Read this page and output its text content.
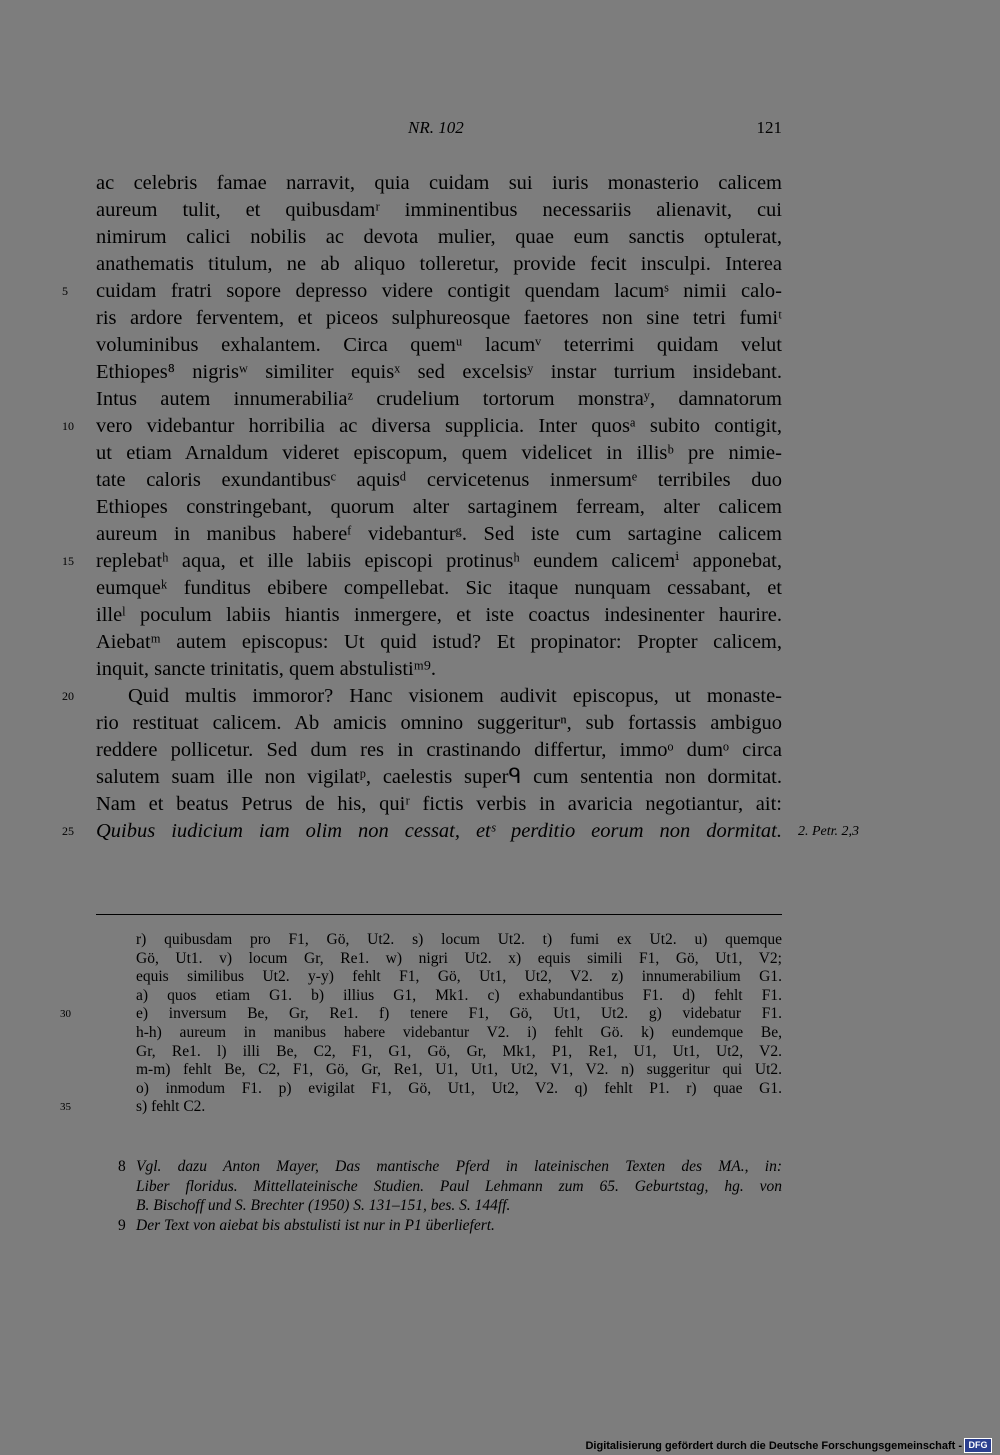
NR. 102	121
ac celebris famae narravit, quia cuidam sui iuris monasterio calicem
aureum tulit, et quibusdamʳ imminentibus necessariis alienavit, cui
nimirum calici nobilis ac devota mulier, quae eum sanctis optulerat,
anathematis titulum, ne ab aliquo tolleretur, provide fecit insculpi. Interea
5	cuidam fratri sopore depresso videre contigit quendam lacumˢ nimii calo-
ris ardore ferventem, et piceos sulphureosque faetores non sine tetri fumiᵗ
voluminibus exhalantem. Circa quemᵘ lacumᵛ teterrimi quidam velut
Ethiopes⁸ nigrisʷ similiter equisˣ sed excelsisʸ instar turrium insidebant.
Intus autem innumerabiliaᶻ crudelium tortorum monstraʸ, damnatorum
10	vero videbantur horribilia ac diversa supplicia. Inter quosᵃ subito contigit,
ut etiam Arnaldum videret episcopum, quem videlicet in illisᵇ pre nimie-
tate caloris exundantibusᶜ aquisᵈ cervicetenus inmersumᵉ terribiles duo
Ethiopes constringebant, quorum alter sartaginem ferream, alter calicem
aureum in manibus habereᶠ videbanturᵍ. Sed iste cum sartagine calicem
15	replebatʰ aqua, et ille labiis episcopi protinusʰ eundem calicemⁱ apponebat,
eumqueᵏ funditus ebibere compellebat. Sic itaque nunquam cessabant, et
illeˡ poculum labiis hiantis inmergere, et iste coactus indesinenter haurire.
Aiebatᵐ autem episcopus: Ut quid istud? Et propinator: Propter calicem,
inquit, sancte trinitatis, quem abstulistiᵐ⁹.
20	Quid multis immoror? Hanc visionem audivit episcopus, ut monaste-
rio restituat calicem. Ab amicis omnino suggeriturⁿ, sub fortassis ambiguo
reddere pollicetur. Sed dum res in crastinando differtur, immoᵒ dumᵒ circa
salutem suam ille non vigilatᵖ, caelestis superᑫ cum sententia non dormitat.
Nam et beatus Petrus de his, quiʳ fictis verbis in avaricia negotiantur, ait:
25	Quibus iudicium iam olim non cessat, etˢ perditio eorum non dormitat. 2. Petr. 2,3
r) quibusdam pro F1, Gö, Ut2. s) locum Ut2. t) fumi ex Ut2. u) quemque
Gö, Ut1. v) locum Gr, Re1. w) nigri Ut2. x) equis simili F1, Gö, Ut1, V2;
equis similibus Ut2. y-y) fehlt F1, Gö, Ut1, Ut2, V2. z) innumerabilium G1.
a) quos etiam G1. b) illius G1, Mk1. c) exhabundantibus F1. d) fehlt F1.
30	e) inversum Be, Gr, Re1. f) tenere F1, Gö, Ut1, Ut2. g) videbatur F1.
h-h) aureum in manibus habere videbantur V2. i) fehlt Gö. k) eundemque Be,
Gr, Re1. l) illi Be, C2, F1, G1, Gö, Gr, Mk1, P1, Re1, U1, Ut1, Ut2, V2.
m-m) fehlt Be, C2, F1, Gö, Gr, Re1, U1, Ut1, Ut2, V1, V2. n) suggeritur qui Ut2.
o) inmodum F1. p) evigilat F1, Gö, Ut1, Ut2, V2. q) fehlt P1. r) quae G1.
35	s) fehlt C2.
8 Vgl. dazu Anton Mayer, Das mantische Pferd in lateinischen Texten des MA., in:
Liber floridus. Mittellateinische Studien. Paul Lehmann zum 65. Geburtstag, hg. von
B. Bischoff und S. Brechter (1950) S. 131–151, bes. S. 144ff.
9 Der Text von aiebat bis abstulisti ist nur in P1 überliefert.
Digitalisierung gefördert durch die Deutsche Forschungsgemeinschaft - DFG
